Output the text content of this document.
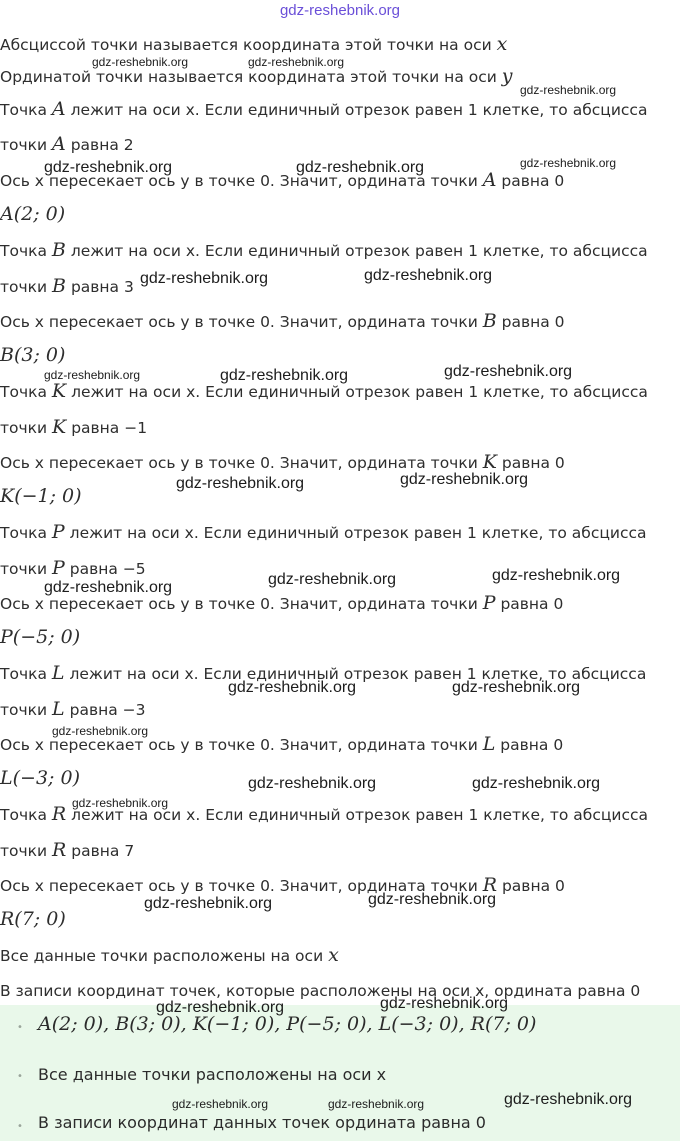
gdz-reshebnik.org
Абсциссой точки называется координата этой точки на оси x
Ординатой точки называется координата этой точки на оси y
Точка A лежит на оси x. Если единичный отрезок равен 1 клетке, то абсцисса
точки A равна 2
Ось x пересекает ось y в точке 0. Значит, ордината точки A равна 0
A(2; 0)
Точка B лежит на оси x. Если единичный отрезок равен 1 клетке, то абсцисса
точки B равна 3
Ось x пересекает ось y в точке 0. Значит, ордината точки B равна 0
B(3; 0)
Точка K лежит на оси x. Если единичный отрезок равен 1 клетке, то абсцисса
точки K равна −1
Ось x пересекает ось y в точке 0. Значит, ордината точки K равна 0
K(−1; 0)
Точка P лежит на оси x. Если единичный отрезок равен 1 клетке, то абсцисса
точки P равна −5
Ось x пересекает ось y в точке 0. Значит, ордината точки P равна 0
P(−5; 0)
Точка L лежит на оси x. Если единичный отрезок равен 1 клетке, то абсцисса
точки L равна −3
Ось x пересекает ось y в точке 0. Значит, ордината точки L равна 0
L(−3; 0)
Точка R лежит на оси x. Если единичный отрезок равен 1 клетке, то абсцисса
точки R равна 7
Ось x пересекает ось y в точке 0. Значит, ордината точки R равна 0
R(7; 0)
Все данные точки расположены на оси x
В записи координат точек, которые расположены на оси x, ордината равна 0
• A(2; 0), B(3; 0), K(−1; 0), P(−5; 0), L(−3; 0), R(7; 0)
• Все данные точки расположены на оси x
• В записи координат данных точек ордината равна 0
gdz-reshebnik.org	gdz-reshebnik.org
gdz-reshebnik.org
gdz-reshebnik.org	gdz-reshebnik.org	gdz-reshebnik.org
gdz-reshebnik.org	gdz-reshebnik.org
gdz-reshebnik.org	gdz-reshebnik.org	gdz-reshebnik.org
gdz-reshebnik.org	gdz-reshebnik.org
gdz-reshebnik.org	gdz-reshebnik.org	gdz-reshebnik.org
gdz-reshebnik.org	gdz-reshebnik.org
gdz-reshebnik.org
gdz-reshebnik.org	gdz-reshebnik.org
gdz-reshebnik.org
gdz-reshebnik.org	gdz-reshebnik.org
gdz-reshebnik.org	gdz-reshebnik.org
gdz-reshebnik.org	gdz-reshebnik.org	gdz-reshebnik.org
